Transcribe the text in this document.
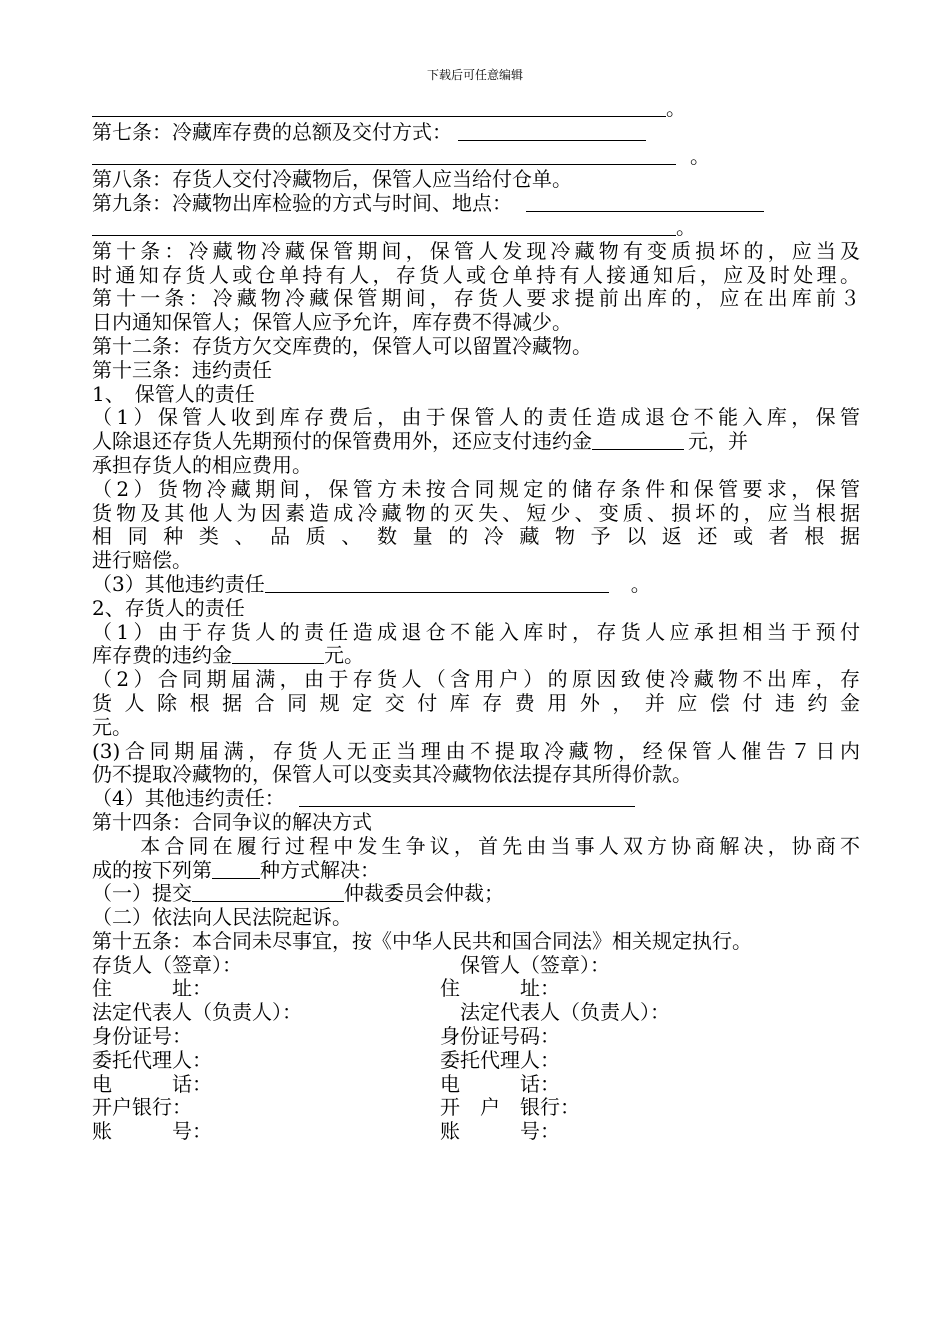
下载后可任意编辑
。
第七条：冷藏库存费的总额及交付方式：
。
第八条：存货人交付冷藏物后，保管人应当给付仓单。
第九条：冷藏物出库检验的方式与时间、地点：
。
第十条：冷藏物冷藏保管期间，保管人发现冷藏物有变质损坏的，应当及
时通知存货人或仓单持有人，存货人或仓单持有人接通知后，应及时处理。
第十一条：冷藏物冷藏保管期间，存货人要求提前出库的，应在出库前３
日内通知保管人；保管人应予允许，库存费不得减少。
第十二条：存货方欠交库费的，保管人可以留置冷藏物。
第十三条：违约责任
1、　保管人的责任
（1）保管人收到库存费后，由于保管人的责任造成退仓不能入库，保管
人除退还存货人先期预付的保管费用外，还应支付违约金	元，并
承担存货人的相应费用。
（2）货物冷藏期间，保管方未按合同规定的储存条件和保管要求，保管
货物及其他人为因素造成冷藏物的灭失、短少、变质、损坏的，应当根据
相同种类、品质、数量的冷藏物予以返还或者根据
进行赔偿。
（3）其他违约责任	。
2、存货人的责任
（1）由于存货人的责任造成退仓不能入库时，存货人应承担相当于预付
库存费的违约金	元。
（2）合同期届满，由于存货人（含用户）的原因致使冷藏物不出库，存
货人除根据合同规定交付库存费用外，并应偿付违约金
元。
(3)合同期届满，存货人无正当理由不提取冷藏物，经保管人催告７日内
仍不提取冷藏物的，保管人可以变卖其冷藏物依法提存其所得价款。
（4）其他违约责任：
第十四条：合同争议的解决方式
　　本合同在履行过程中发生争议，首先由当事人双方协商解决，协商不
成的按下列第 种方式解决：
（一）提交	仲裁委员会仲裁；
（二）依法向人民法院起诉。
第十五条：本合同未尽事宜，按《中华人民共和国合同法》相关规定执行。
存货人（签章）：	　保管人（签章）：
住　　　址：	住　　　址：
法定代表人（负责人）：	　法定代表人（负责人）：
身份证号：	身份证号码：
委托代理人：	委托代理人：
电　　　话：	电　　　话：
开户银行：	开　户　银行：
账　　　号：	账　　　号：
